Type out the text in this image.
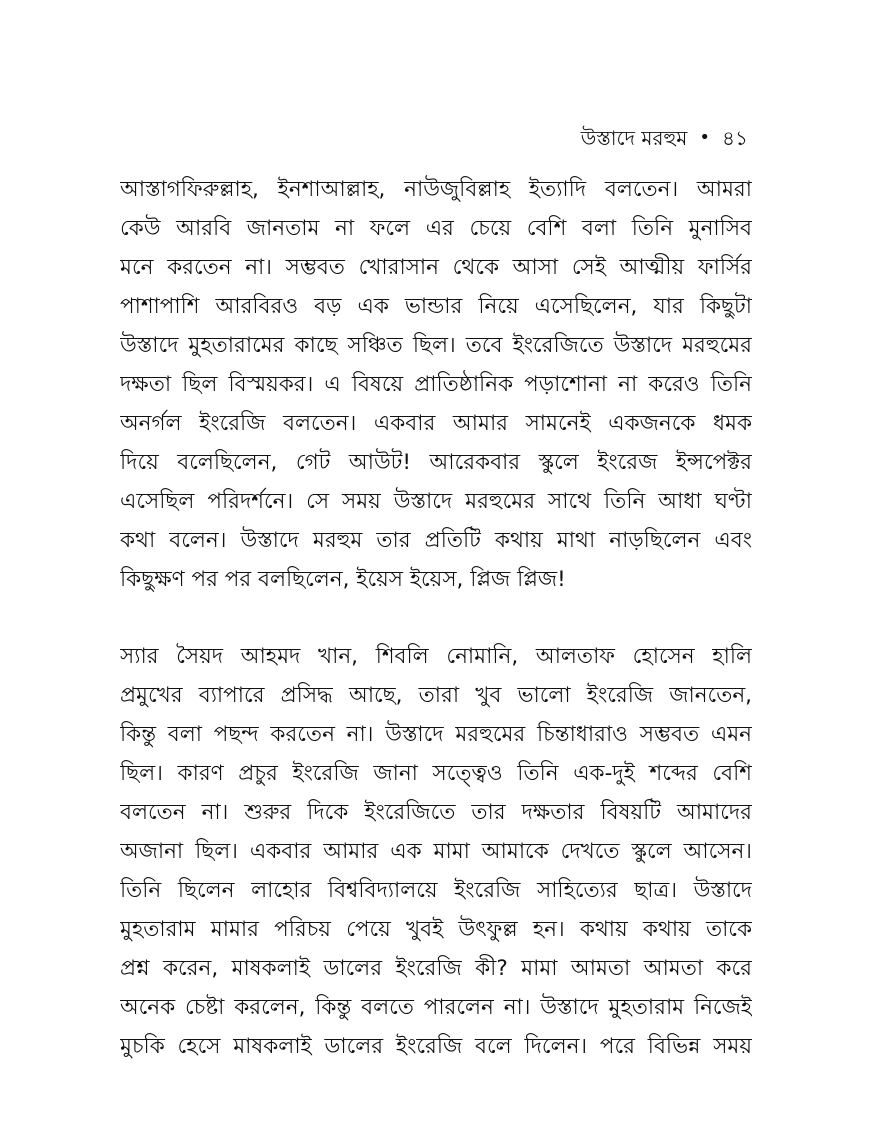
উস্তাদে মরহুম • ৪১

আস্তাগফিরুল্লাহ, ইনশাআল্লাহ, নাউজুবিল্লাহ ইত্যাদি বলতেন। আমরা
কেউ আরবি জানতাম না ফলে এর চেয়ে বেশি বলা তিনি মুনাসিব
মনে করতেন না। সম্ভবত খোরাসান থেকে আসা সেই আত্মীয় ফার্সির
পাশাপাশি আরবিরও বড় এক ভান্ডার নিয়ে এসেছিলেন, যার কিছুটা
উস্তাদে মুহতারামের কাছে সঞ্চিত ছিল। তবে ইংরেজিতে উস্তাদে মরহুমের
দক্ষতা ছিল বিস্ময়কর। এ বিষয়ে প্রাতিষ্ঠানিক পড়াশোনা না করেও তিনি
অনর্গল ইংরেজি বলতেন। একবার আমার সামনেই একজনকে ধমক
দিয়ে বলেছিলেন, গেট আউট! আরেকবার স্কুলে ইংরেজ ইন্সপেক্টর
এসেছিল পরিদর্শনে। সে সময় উস্তাদে মরহুমের সাথে তিনি আধা ঘণ্টা
কথা বলেন। উস্তাদে মরহুম তার প্রতিটি কথায় মাথা নাড়ছিলেন এবং
কিছুক্ষণ পর পর বলছিলেন, ইয়েস ইয়েস, প্লিজ প্লিজ!

স্যার সৈয়দ আহমদ খান, শিবলি নোমানি, আলতাফ হোসেন হালি
প্রমুখের ব্যাপারে প্রসিদ্ধ আছে, তারা খুব ভালো ইংরেজি জানতেন,
কিন্তু বলা পছন্দ করতেন না। উস্তাদে মরহুমের চিন্তাধারাও সম্ভবত এমন
ছিল। কারণ প্রচুর ইংরেজি জানা সত্ত্বেও তিনি এক-দুই শব্দের বেশি
বলতেন না। শুরুর দিকে ইংরেজিতে তার দক্ষতার বিষয়টি আমাদের
অজানা ছিল। একবার আমার এক মামা আমাকে দেখতে স্কুলে আসেন।
তিনি ছিলেন লাহোর বিশ্ববিদ্যালয়ে ইংরেজি সাহিত্যের ছাত্র। উস্তাদে
মুহতারাম মামার পরিচয় পেয়ে খুবই উৎফুল্ল হন। কথায় কথায় তাকে
প্রশ্ন করেন, মাষকলাই ডালের ইংরেজি কী? মামা আমতা আমতা করে
অনেক চেষ্টা করলেন, কিন্তু বলতে পারলেন না। উস্তাদে মুহতারাম নিজেই
মুচকি হেসে মাষকলাই ডালের ইংরেজি বলে দিলেন। পরে বিভিন্ন সময়
